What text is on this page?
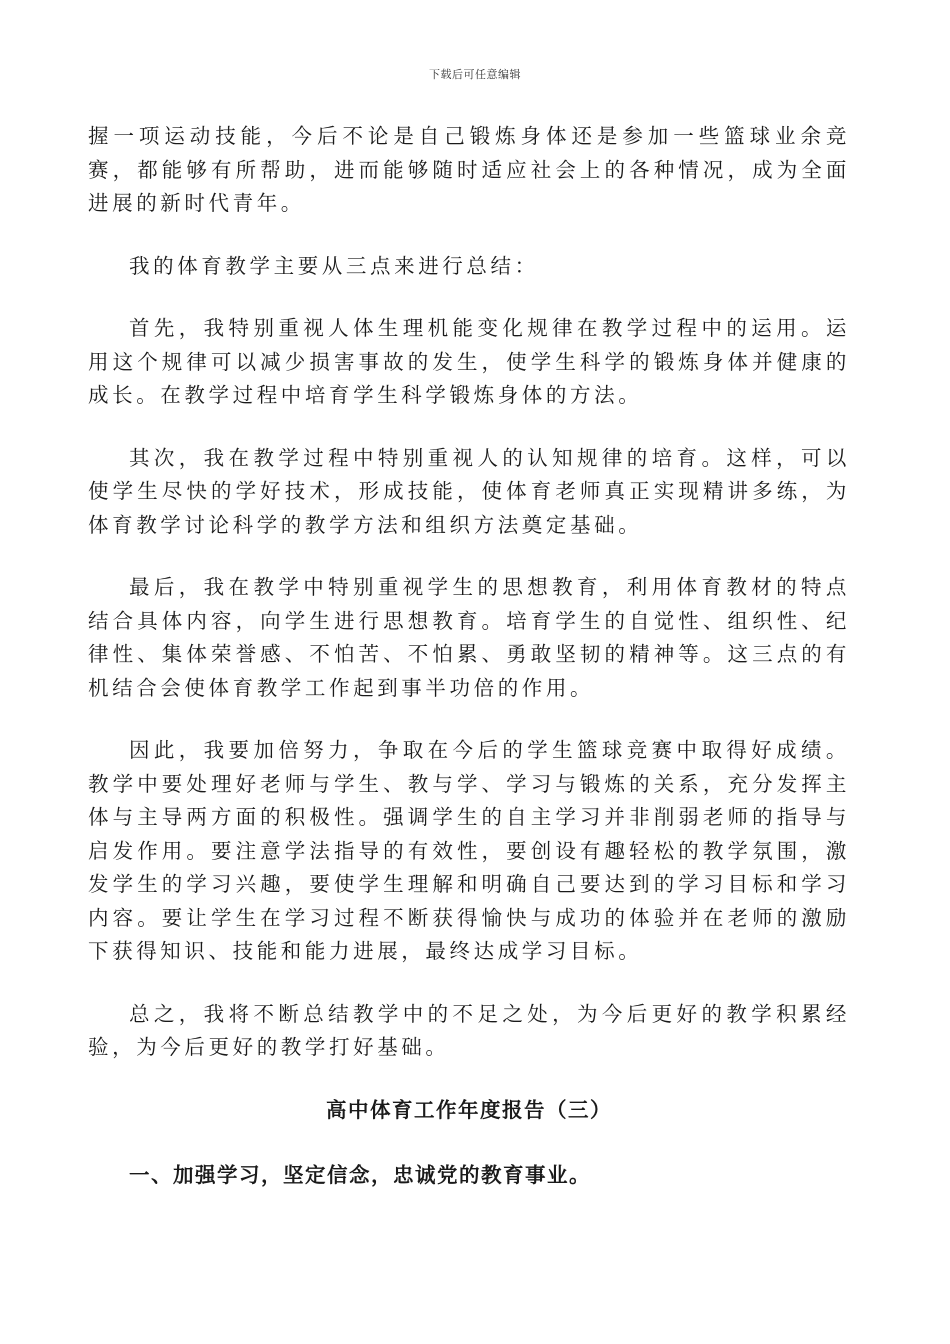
下载后可任意编辑

握一项运动技能，今后不论是自己锻炼身体还是参加一些篮球业余竞赛，都能够有所帮助，进而能够随时适应社会上的各种情况，成为全面进展的新时代青年。

我的体育教学主要从三点来进行总结：

首先，我特别重视人体生理机能变化规律在教学过程中的运用。运用这个规律可以减少损害事故的发生，使学生科学的锻炼身体并健康的成长。在教学过程中培育学生科学锻炼身体的方法。

其次，我在教学过程中特别重视人的认知规律的培育。这样，可以使学生尽快的学好技术，形成技能，使体育老师真正实现精讲多练，为体育教学讨论科学的教学方法和组织方法奠定基础。

最后，我在教学中特别重视学生的思想教育，利用体育教材的特点结合具体内容，向学生进行思想教育。培育学生的自觉性、组织性、纪律性、集体荣誉感、不怕苦、不怕累、勇敢坚韧的精神等。这三点的有机结合会使体育教学工作起到事半功倍的作用。

因此，我要加倍努力，争取在今后的学生篮球竞赛中取得好成绩。教学中要处理好老师与学生、教与学、学习与锻炼的关系，充分发挥主体与主导两方面的积极性。强调学生的自主学习并非削弱老师的指导与启发作用。要注意学法指导的有效性，要创设有趣轻松的教学氛围，激发学生的学习兴趣，要使学生理解和明确自己要达到的学习目标和学习内容。要让学生在学习过程不断获得愉快与成功的体验并在老师的激励下获得知识、技能和能力进展，最终达成学习目标。

总之，我将不断总结教学中的不足之处，为今后更好的教学积累经验，为今后更好的教学打好基础。

高中体育工作年度报告（三）
一、加强学习，坚定信念，忠诚党的教育事业。
